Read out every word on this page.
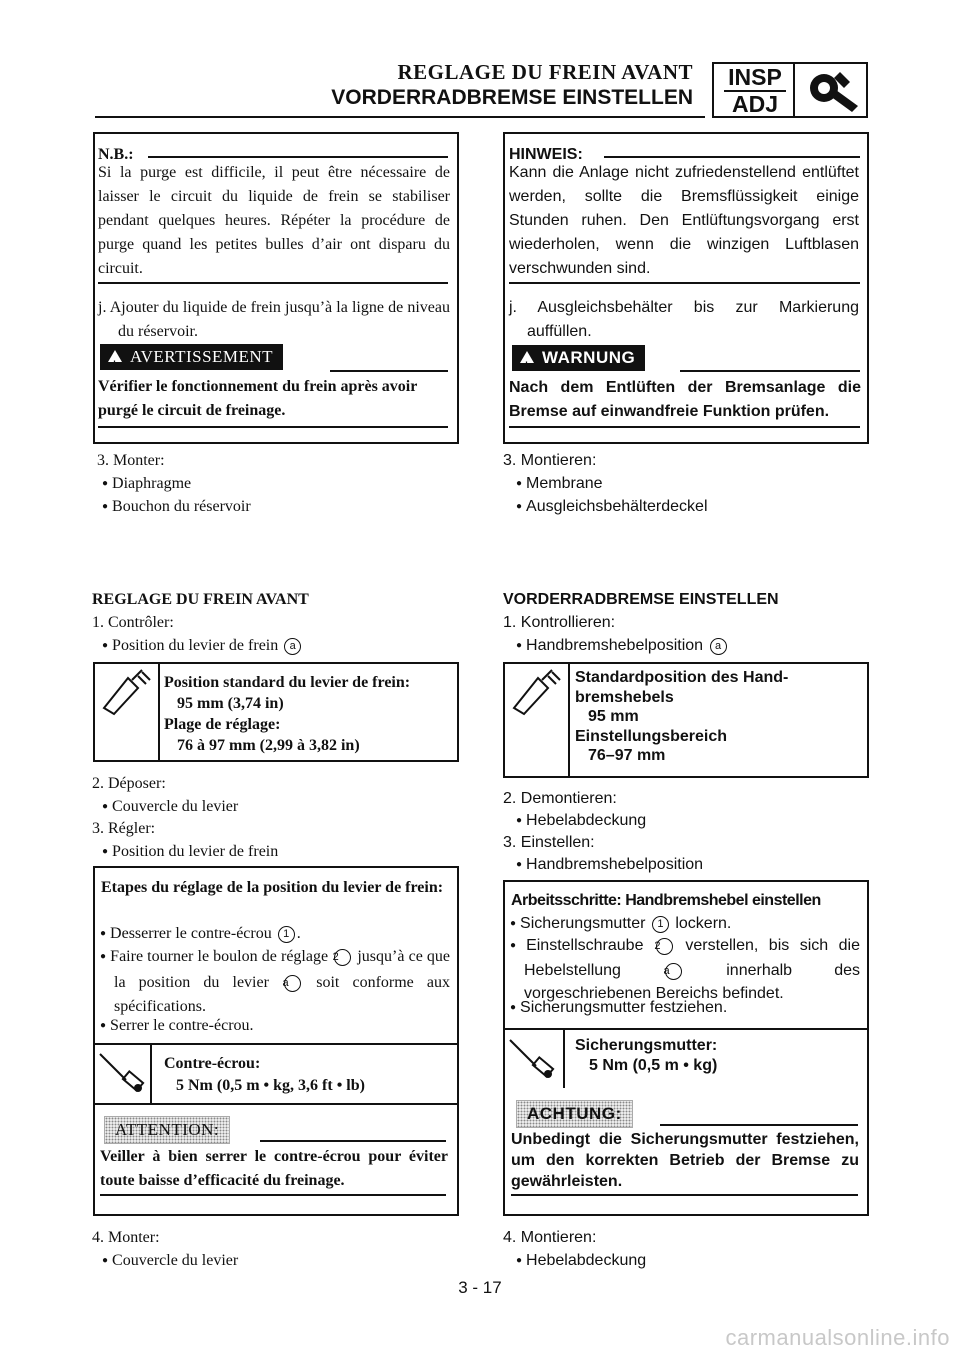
REGLAGE DU FREIN AVANT
VORDERRADBREMSE EINSTELLEN
INSP
ADJ
N.B.:
Si la purge est difficile, il peut être nécessaire de laisser le circuit du liquide de frein se stabiliser pendant quelques heures. Répéter la procédure de purge quand les petites bulles d’air ont disparu du circuit.
j. Ajouter du liquide de frein jusqu’à la ligne de niveau du réservoir.
!AVERTISSEMENT
Vérifier le fonctionnement du frein après avoir purgé le circuit de freinage.
3. Monter:
● Diaphragme
● Bouchon du réservoir
REGLAGE DU FREIN AVANT
1. Contrôler:
● Position du levier de frein a
Position standard du levier de frein:
95 mm (3,74 in)
Plage de réglage:
76 à 97 mm (2,99 à 3,82 in)
2. Déposer:
● Couvercle du levier
3. Régler:
● Position du levier de frein
Etapes du réglage de la position du levier de frein:
● Desserrer le contre-écrou 1 .
● Faire tourner le boulon de réglage 2 jusqu’à ce que la position du levier a soit conforme aux spécifications.
● Serrer le contre-écrou.
Contre-écrou:
5 Nm (0,5 m • kg, 3,6 ft • lb)
ATTENTION:
Veiller à bien serrer le contre-écrou pour éviter toute baisse d’efficacité du freinage.
4. Monter:
● Couvercle du levier
HINWEIS:
Kann die Anlage nicht zufriedenstellend entlüftet werden, sollte die Bremsflüssigkeit einige Stunden ruhen. Den Entlüftungsvorgang erst wiederholen, wenn die winzigen Luftblasen verschwunden sind.
j. Ausgleichsbehälter bis zur Markierung auffüllen.
!WARNUNG
Nach dem Entlüften der Bremsanlage die Bremse auf einwandfreie Funktion prüfen.
3. Montieren:
● Membrane
● Ausgleichsbehälterdeckel
VORDERRADBREMSE EINSTELLEN
1. Kontrollieren:
● Handbremshebelposition a
Standardposition des Hand-
bremshebels
95 mm
Einstellungsbereich
76–97 mm
2. Demontieren:
● Hebelabdeckung
3. Einstellen:
● Handbremshebelposition
Arbeitsschritte: Handbremshebel einstellen
● Sicherungsmutter 1 lockern.
● Einstellschraube 2 verstellen, bis sich die Hebelstellung	a	innerhalb des vorgeschriebenen Bereichs befindet.
● Sicherungsmutter festziehen.
Sicherungsmutter:
5 Nm (0,5 m • kg)
ACHTUNG:
Unbedingt die Sicherungsmutter festziehen, um den korrekten Betrieb der Bremse zu gewährleisten.
4. Montieren:
● Hebelabdeckung
3 - 17
carmanualsonline.info
